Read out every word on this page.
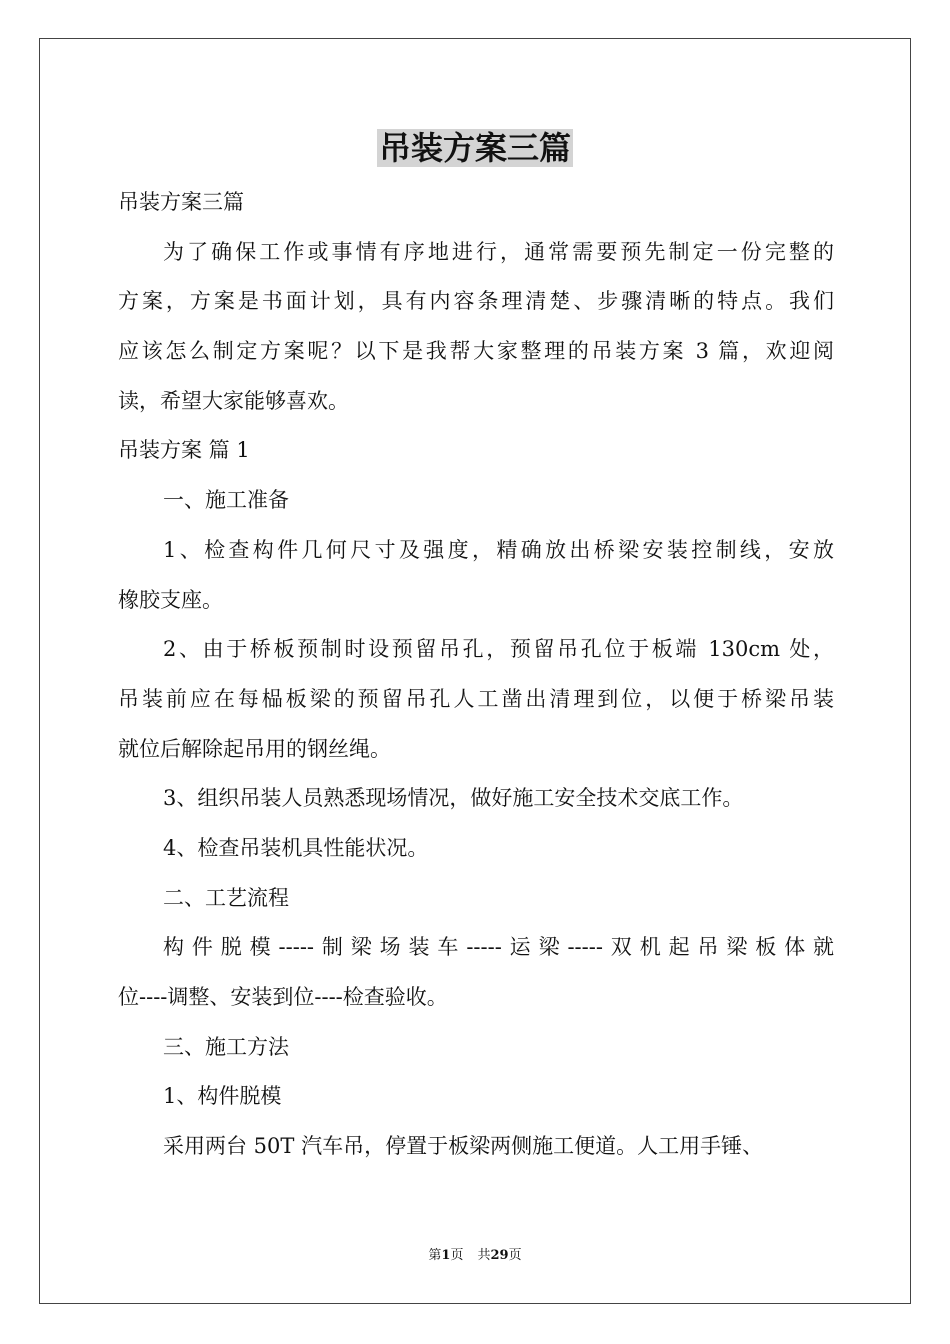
吊装方案三篇

吊装方案三篇

为了确保工作或事情有序地进行，通常需要预先制定一份完整的

方案，方案是书面计划，具有内容条理清楚、步骤清晰的特点。我们

应该怎么制定方案呢？以下是我帮大家整理的吊装方案 3 篇，欢迎阅

读，希望大家能够喜欢。

吊装方案 篇 1

一、施工准备

1、检查构件几何尺寸及强度，精确放出桥梁安装控制线，安放

橡胶支座。

2、由于桥板预制时设预留吊孔，预留吊孔位于板端 130cm 处，

吊装前应在每榀板梁的预留吊孔人工凿出清理到位，以便于桥梁吊装

就位后解除起吊用的钢丝绳。

3、组织吊装人员熟悉现场情况，做好施工安全技术交底工作。

4、检查吊装机具性能状况。

二、工艺流程

构件脱模-----制梁场装车-----运梁-----双机起吊梁板体就

位----调整、安装到位----检查验收。

三、施工方法

1、构件脱模

采用两台 50T 汽车吊，停置于板梁两侧施工便道。人工用手锤、

第1页 共29页
